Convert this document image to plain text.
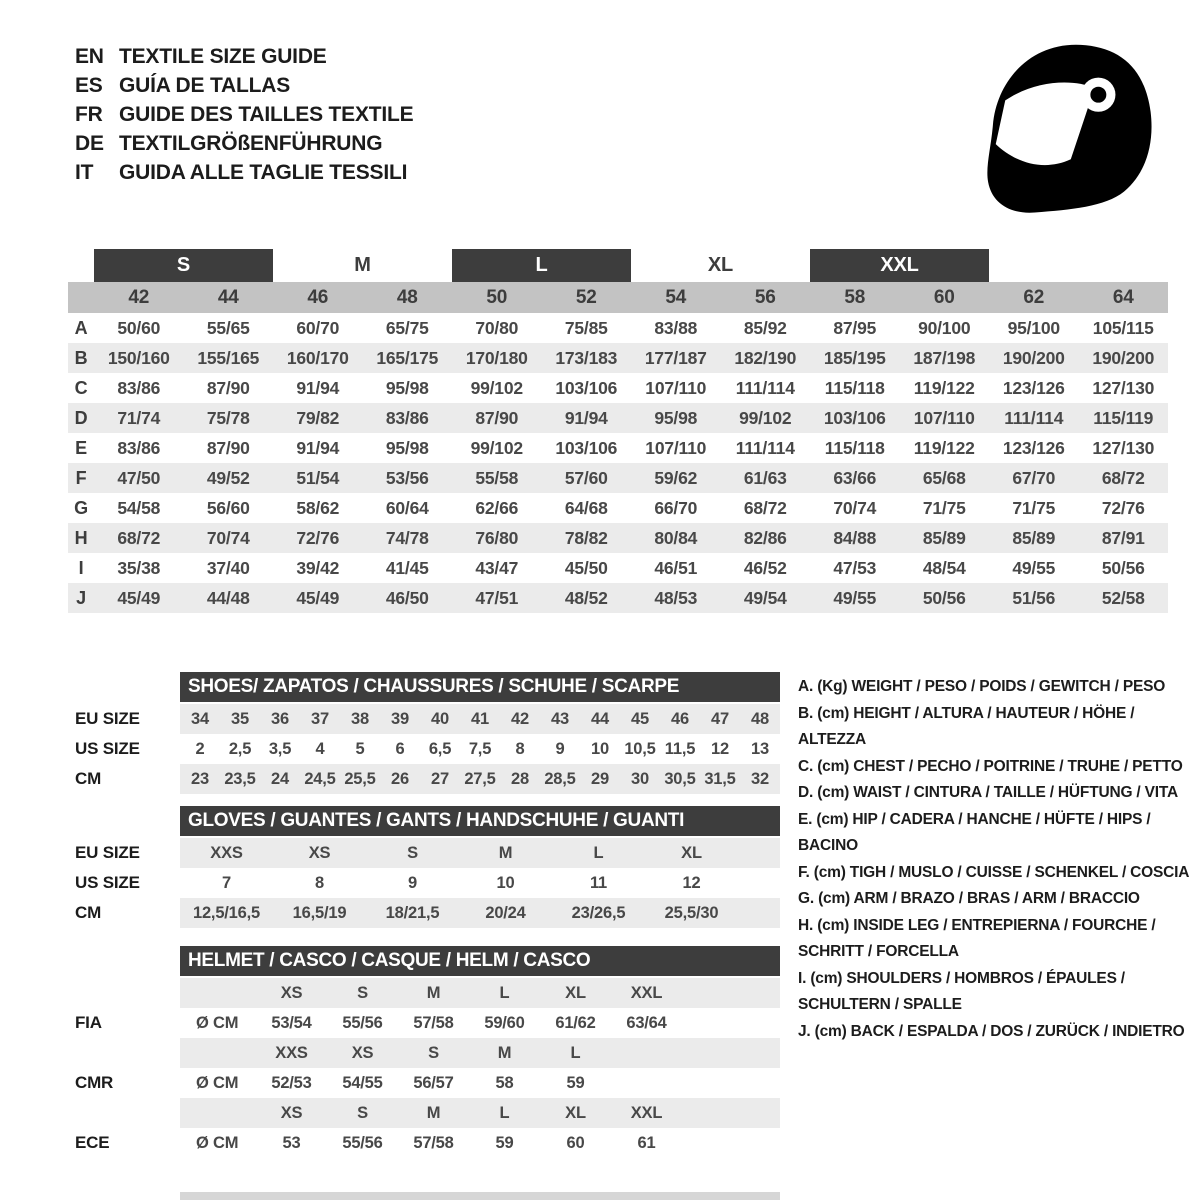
EN TEXTILE SIZE GUIDE
ES GUÍA DE TALLAS
FR GUIDE DES TAILLES TEXTILE
DE TEXTILGRÖßENFÜHRUNG
IT	GUIDA ALLE TAGLIE TESSILI
S	M	L	XL	XXL
42	44	46	48	50	52	54	56	58	60	62	64
A	50/60	55/65	60/70	65/75	70/80	75/85	83/88	85/92	87/95	90/100	95/100	105/115
B	150/160	155/165	160/170	165/175	170/180	173/183	177/187	182/190	185/195	187/198	190/200	190/200
C	83/86	87/90	91/94	95/98	99/102	103/106	107/110	111/114	115/118	119/122	123/126	127/130
D	71/74	75/78	79/82	83/86	87/90	91/94	95/98	99/102	103/106	107/110	111/114	115/119
E	83/86	87/90	91/94	95/98	99/102	103/106	107/110	111/114	115/118	119/122	123/126	127/130
F	47/50	49/52	51/54	53/56	55/58	57/60	59/62	61/63	63/66	65/68	67/70	68/72
G	54/58	56/60	58/62	60/64	62/66	64/68	66/70	68/72	70/74	71/75	71/75	72/76
H	68/72	70/74	72/76	74/78	76/80	78/82	80/84	82/86	84/88	85/89	85/89	87/91
I	35/38	37/40	39/42	41/45	43/47	45/50	46/51	46/52	47/53	48/54	49/55	50/56
J	45/49	44/48	45/49	46/50	47/51	48/52	48/53	49/54	49/55	50/56	51/56	52/58
SHOES/ ZAPATOS / CHAUSSURES / SCHUHE / SCARPE
EU SIZE	34	35	36	37	38	39	40	41	42	43	44	45	46	47	48
US SIZE	2	2,5	3,5	4	5	6	6,5	7,5	8	9	10 10,5 11,5 12	13
CM	23 23,5 24 24,5 25,5 26	27 27,5 28 28,5 29	30 30,5 31,5 32
GLOVES / GUANTES / GANTS / HANDSCHUHE / GUANTI
EU SIZE	XXS	XS	S	M	L	XL
US SIZE	7	8	9	10	11	12
CM	12,5/16,5	16,5/19	18/21,5	20/24	23/26,5	25,5/30
HELMET / CASCO / CASQUE / HELM / CASCO
XS	S	M	L	XL	XXL
FIA	Ø CM	53/54	55/56	57/58	59/60	61/62	63/64
XXS	XS	S	M	L
CMR	Ø CM	52/53	54/55	56/57	58	59
XS	S	M	L	XL	XXL
ECE	Ø CM	53	55/56	57/58	59	60	61
A. (Kg) WEIGHT / PESO / POIDS / GEWITCH / PESO
B. (cm) HEIGHT / ALTURA / HAUTEUR / HÖHE / ALTEZZA
C. (cm) CHEST / PECHO / POITRINE / TRUHE / PETTO
D. (cm) WAIST / CINTURA / TAILLE / HÜFTUNG / VITA
E. (cm) HIP / CADERA / HANCHE / HÜFTE / HIPS / BACINO
F. (cm) TIGH / MUSLO / CUISSE / SCHENKEL / COSCIA
G. (cm) ARM / BRAZO / BRAS / ARM / BRACCIO
H. (cm) INSIDE LEG / ENTREPIERNA / FOURCHE / SCHRITT / FORCELLA
I. (cm) SHOULDERS / HOMBROS / ÉPAULES / SCHULTERN / SPALLE
J. (cm) BACK / ESPALDA / DOS / ZURÜCK / INDIETRO
